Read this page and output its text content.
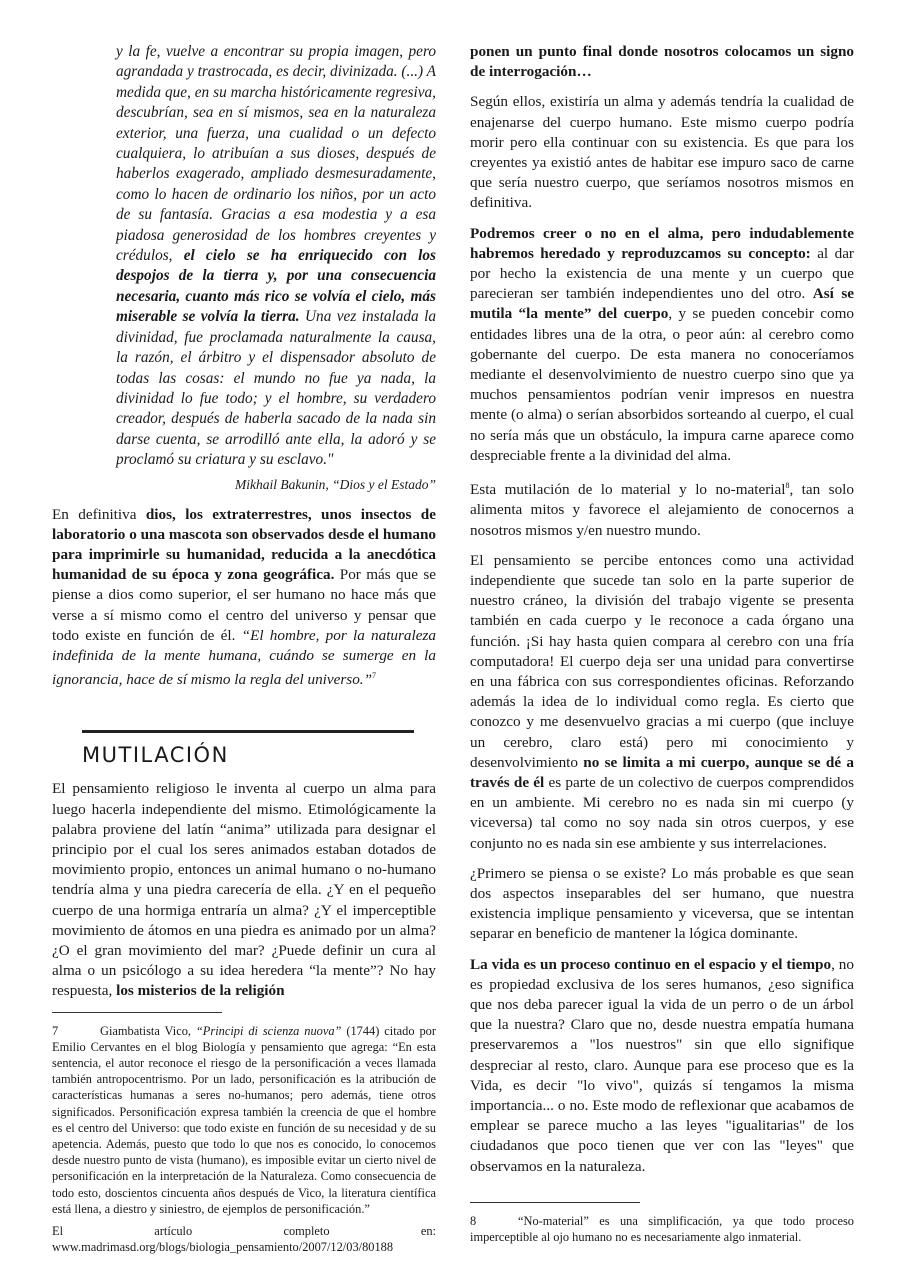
y la fe, vuelve a encontrar su propia imagen, pero agrandada y trastrocada, es decir, divinizada. (...) A medida que, en su marcha históricamente regresiva, descubrían, sea en sí mismos, sea en la naturaleza exterior, una fuerza, una cualidad o un defecto cualquiera, lo atribuían a sus dioses, después de haberlos exagerado, ampliado desmesuradamente, como lo hacen de ordinario los niños, por un acto de su fantasía. Gracias a esa modestia y a esa piadosa generosidad de los hombres creyentes y crédulos, el cielo se ha enriquecido con los despojos de la tierra y, por una consecuencia necesaria, cuanto más rico se volvía el cielo, más miserable se volvía la tierra. Una vez instalada la divinidad, fue proclamada naturalmente la causa, la razón, el árbitro y el dispensador absoluto de todas las cosas: el mundo no fue ya nada, la divinidad lo fue todo; y el hombre, su verdadero creador, después de haberla sacado de la nada sin darse cuenta, se arrodilló ante ella, la adoró y se proclamó su criatura y su esclavo."

Mikhail Bakunin, “Dios y el Estado”

En definitiva dios, los extraterrestres, unos insectos de laboratorio o una mascota son observados desde el humano para imprimirle su humanidad, reducida a la anecdótica humanidad de su época y zona geográfica. Por más que se piense a dios como superior, el ser humano no hace más que verse a sí mismo como el centro del universo y pensar que todo existe en función de él. “El hombre, por la naturaleza indefinida de la mente humana, cuándo se sumerge en la ignorancia, hace de sí mismo la regla del universo.”$^7$

MUTILACIÓN

El pensamiento religioso le inventa al cuerpo un alma para luego hacerla independiente del mismo. Etimológicamente la palabra proviene del latín “anima” utilizada para designar el principio por el cual los seres animados estaban dotados de movimiento propio, entonces un animal humano o no-humano tendría alma y una piedra carecería de ella. ¿Y en el pequeño cuerpo de una hormiga entraría un alma? ¿Y el imperceptible movimiento de átomos en una piedra es animado por un alma? ¿O el gran movimiento del mar? ¿Puede definir un cura al alma o un psicólogo a su idea heredera “la mente”? No hay respuesta, los misterios de la religión

7	Giambatista Vico, “Principi di scienza nuova” (1744) citado por Emilio Cervantes en el blog Biología y pensamiento que agrega: “En esta sentencia, el autor reconoce el riesgo de la personificación a veces llamada también antropocentrismo. Por un lado, personificación es la atribución de características humanas a seres no-humanos; pero además, tiene otros significados. Personificación expresa también la creencia de que el hombre es el centro del Universo: que todo existe en función de su necesidad y de su apetencia. Además, puesto que todo lo que nos es conocido, lo conocemos desde nuestro punto de vista (humano), es imposible evitar un cierto nivel de personificación en la interpretación de la Naturaleza. Como consecuencia de todo esto, doscientos cincuenta años después de Vico, la literatura científica está llena, a diestro y siniestro, de ejemplos de personificación.”

El artículo completo en: www.madrimasd.org/blogs/biologia_pensamiento/2007/12/03/80188

ponen un punto final donde nosotros colocamos un signo de interrogación…

Según ellos, existiría un alma y además tendría la cualidad de enajenarse del cuerpo humano. Este mismo cuerpo podría morir pero ella continuar con su existencia. Es que para los creyentes ya existió antes de habitar ese impuro saco de carne que sería nuestro cuerpo, que seríamos nosotros mismos en definitiva.

Podremos creer o no en el alma, pero indudablemente habremos heredado y reproduzcamos su concepto: al dar por hecho la existencia de una mente y un cuerpo que parecieran ser también independientes uno del otro. Así se mutila “la mente” del cuerpo, y se pueden concebir como entidades libres una de la otra, o peor aún: al cerebro como gobernante del cuerpo. De esta manera no conoceríamos mediante el desenvolvimiento de nuestro cuerpo sino que ya muchos pensamientos podrían venir impresos en nuestra mente (o alma) o serían absorbidos sorteando al cuerpo, el cual no sería más que un obstáculo, la impura carne aparece como despreciable frente a la divinidad del alma.

Esta mutilación de lo material y lo no-material$^8$, tan solo alimenta mitos y favorece el alejamiento de conocernos a nosotros mismos y/en nuestro mundo.

El pensamiento se percibe entonces como una actividad independiente que sucede tan solo en la parte superior de nuestro cráneo, la división del trabajo vigente se presenta también en cada cuerpo y le reconoce a cada órgano una función. ¡Si hay hasta quien compara al cerebro con una fría computadora! El cuerpo deja ser una unidad para convertirse en una fábrica con sus correspondientes oficinas. Reforzando además la idea de lo individual como regla. Es cierto que conozco y me desenvuelvo gracias a mi cuerpo (que incluye un cerebro, claro está) pero mi conocimiento y desenvolvimiento no se limita a mi cuerpo, aunque se dé a través de él es parte de un colectivo de cuerpos comprendidos en un ambiente. Mi cerebro no es nada sin mi cuerpo (y viceversa) tal como no soy nada sin otros cuerpos, y ese conjunto no es nada sin ese ambiente y sus interrelaciones.

¿Primero se piensa o se existe? Lo más probable es que sean dos aspectos inseparables del ser humano, que nuestra existencia implique pensamiento y viceversa, que se intentan separar en beneficio de mantener la lógica dominante.

La vida es un proceso continuo en el espacio y el tiempo, no es propiedad exclusiva de los seres humanos, ¿eso significa que nos deba parecer igual la vida de un perro o de un árbol que la nuestra? Claro que no, desde nuestra empatía humana preservaremos a "los nuestros" sin que ello signifique despreciar al resto, claro. Aunque para ese proceso que es la Vida, es decir "lo vivo", quizás sí tengamos la misma importancia... o no. Este modo de reflexionar que acabamos de emplear se parece mucho a las leyes "igualitarias" de los ciudadanos que poco tienen que ver con las "leyes" que observamos en la naturaleza.

8	“No-material” es una simplificación, ya que todo proceso imperceptible al ojo humano no es necesariamente algo inmaterial.
